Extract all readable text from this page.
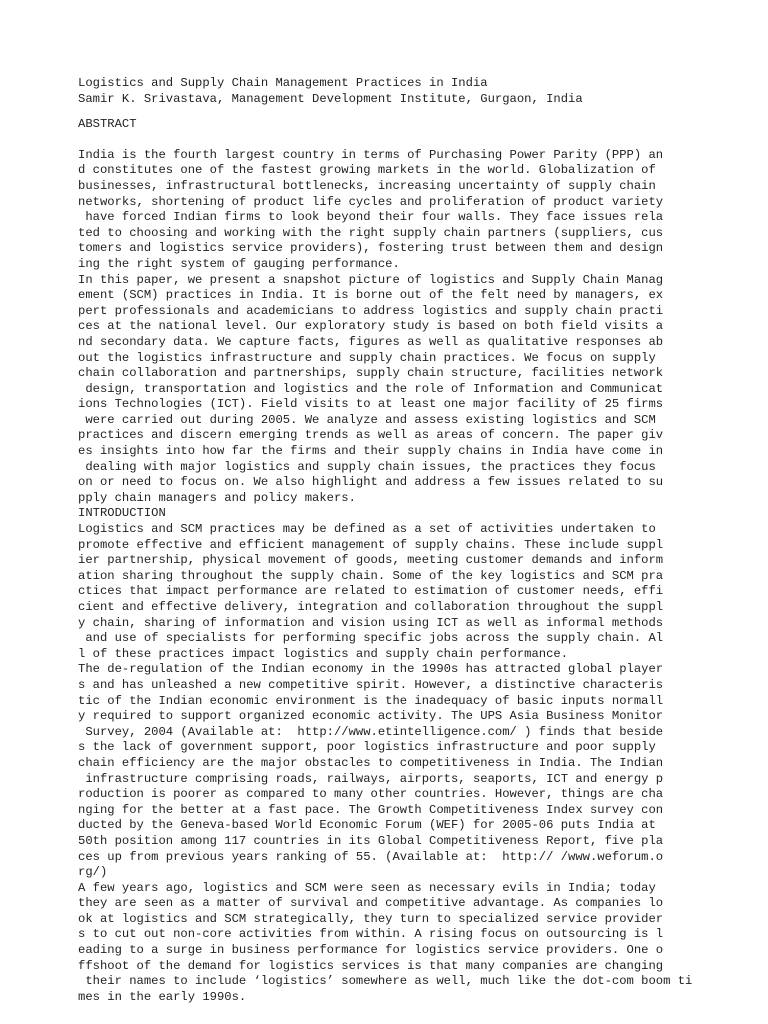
Logistics and Supply Chain Management Practices in India
Samir K. Srivastava, Management Development Institute, Gurgaon, India
ABSTRACT
India is the fourth largest country in terms of Purchasing Power Parity (PPP) an
d constitutes one of the fastest growing markets in the world. Globalization of
businesses, infrastructural bottlenecks, increasing uncertainty of supply chain
networks, shortening of product life cycles and proliferation of product variety
have forced Indian firms to look beyond their four walls. They face issues rela
ted to choosing and working with the right supply chain partners (suppliers, cus
tomers and logistics service providers), fostering trust between them and design
ing the right system of gauging performance.
In this paper, we present a snapshot picture of logistics and Supply Chain Manag
ement (SCM) practices in India. It is borne out of the felt need by managers, ex
pert professionals and academicians to address logistics and supply chain practi
ces at the national level. Our exploratory study is based on both field visits a
nd secondary data. We capture facts, figures as well as qualitative responses ab
out the logistics infrastructure and supply chain practices. We focus on supply
chain collaboration and partnerships, supply chain structure, facilities network
design, transportation and logistics and the role of Information and Communicat
ions Technologies (ICT). Field visits to at least one major facility of 25 firms
were carried out during 2005. We analyze and assess existing logistics and SCM
practices and discern emerging trends as well as areas of concern. The paper giv
es insights into how far the firms and their supply chains in India have come in
dealing with major logistics and supply chain issues, the practices they focus
on or need to focus on. We also highlight and address a few issues related to su
pply chain managers and policy makers.
INTRODUCTION
Logistics and SCM practices may be defined as a set of activities undertaken to
promote effective and efficient management of supply chains. These include suppl
ier partnership, physical movement of goods, meeting customer demands and inform
ation sharing throughout the supply chain. Some of the key logistics and SCM pra
ctices that impact performance are related to estimation of customer needs, effi
cient and effective delivery, integration and collaboration throughout the suppl
y chain, sharing of information and vision using ICT as well as informal methods
and use of specialists for performing specific jobs across the supply chain. Al
l of these practices impact logistics and supply chain performance.
The de-regulation of the Indian economy in the 1990s has attracted global player
s and has unleashed a new competitive spirit. However, a distinctive characteris
tic of the Indian economic environment is the inadequacy of basic inputs normall
y required to support organized economic activity. The UPS Asia Business Monitor
Survey, 2004 (Available at:  http://www.etintelligence.com/ ) finds that beside
s the lack of government support, poor logistics infrastructure and poor supply
chain efficiency are the major obstacles to competitiveness in India. The Indian
infrastructure comprising roads, railways, airports, seaports, ICT and energy p
roduction is poorer as compared to many other countries. However, things are cha
nging for the better at a fast pace. The Growth Competitiveness Index survey con
ducted by the Geneva-based World Economic Forum (WEF) for 2005-06 puts India at
50th position among 117 countries in its Global Competitiveness Report, five pla
ces up from previous years ranking of 55. (Available at:  http:// /www.weforum.o
rg/)
A few years ago, logistics and SCM were seen as necessary evils in India; today
they are seen as a matter of survival and competitive advantage. As companies lo
ok at logistics and SCM strategically, they turn to specialized service provider
s to cut out non-core activities from within. A rising focus on outsourcing is l
eading to a surge in business performance for logistics service providers. One o
ffshoot of the demand for logistics services is that many companies are changing
their names to include ‘logistics’ somewhere as well, much like the dot-com boom ti
mes in the early 1990s.
